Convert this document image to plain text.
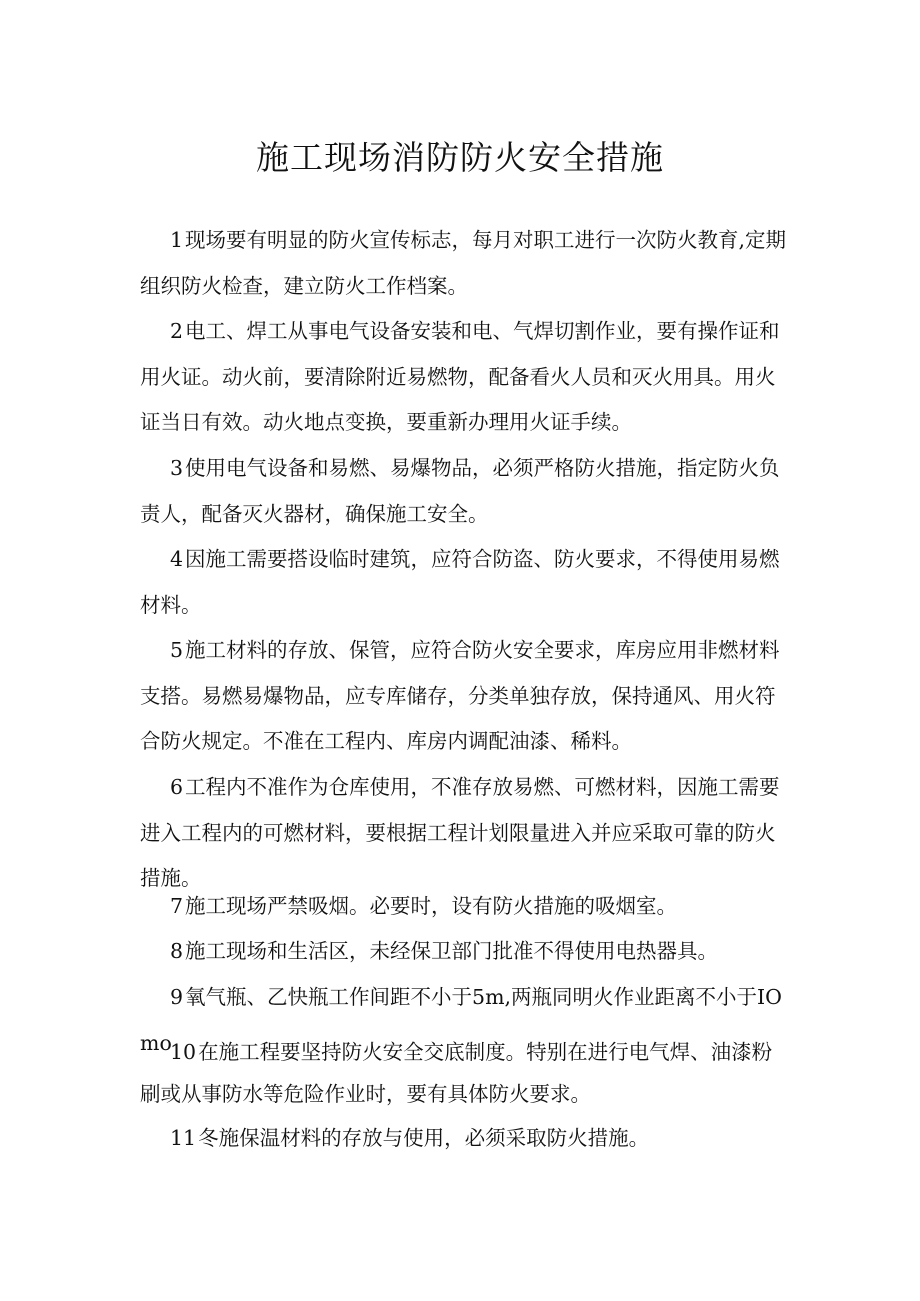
施工现场消防防火安全措施

1现场要有明显的防火宣传标志，每月对职工进行一次防火教育,定期组织防火检查，建立防火工作档案。

2电工、焊工从事电气设备安装和电、气焊切割作业，要有操作证和用火证。动火前，要清除附近易燃物，配备看火人员和灭火用具。用火证当日有效。动火地点变换，要重新办理用火证手续。

3使用电气设备和易燃、易爆物品，必须严格防火措施，指定防火负责人，配备灭火器材，确保施工安全。

4因施工需要搭设临时建筑，应符合防盗、防火要求，不得使用易燃材料。

5施工材料的存放、保管，应符合防火安全要求，库房应用非燃材料支搭。易燃易爆物品，应专库储存，分类单独存放，保持通风、用火符合防火规定。不准在工程内、库房内调配油漆、稀料。

6工程内不准作为仓库使用，不准存放易燃、可燃材料，因施工需要进入工程内的可燃材料，要根据工程计划限量进入并应采取可靠的防火措施。

7施工现场严禁吸烟。必要时，设有防火措施的吸烟室。

8施工现场和生活区，未经保卫部门批准不得使用电热器具。

9氧气瓶、乙快瓶工作间距不小于5m,两瓶同明火作业距离不小于IOmo

10在施工程要坚持防火安全交底制度。特别在进行电气焊、油漆粉刷或从事防水等危险作业时，要有具体防火要求。

11冬施保温材料的存放与使用，必须采取防火措施。
